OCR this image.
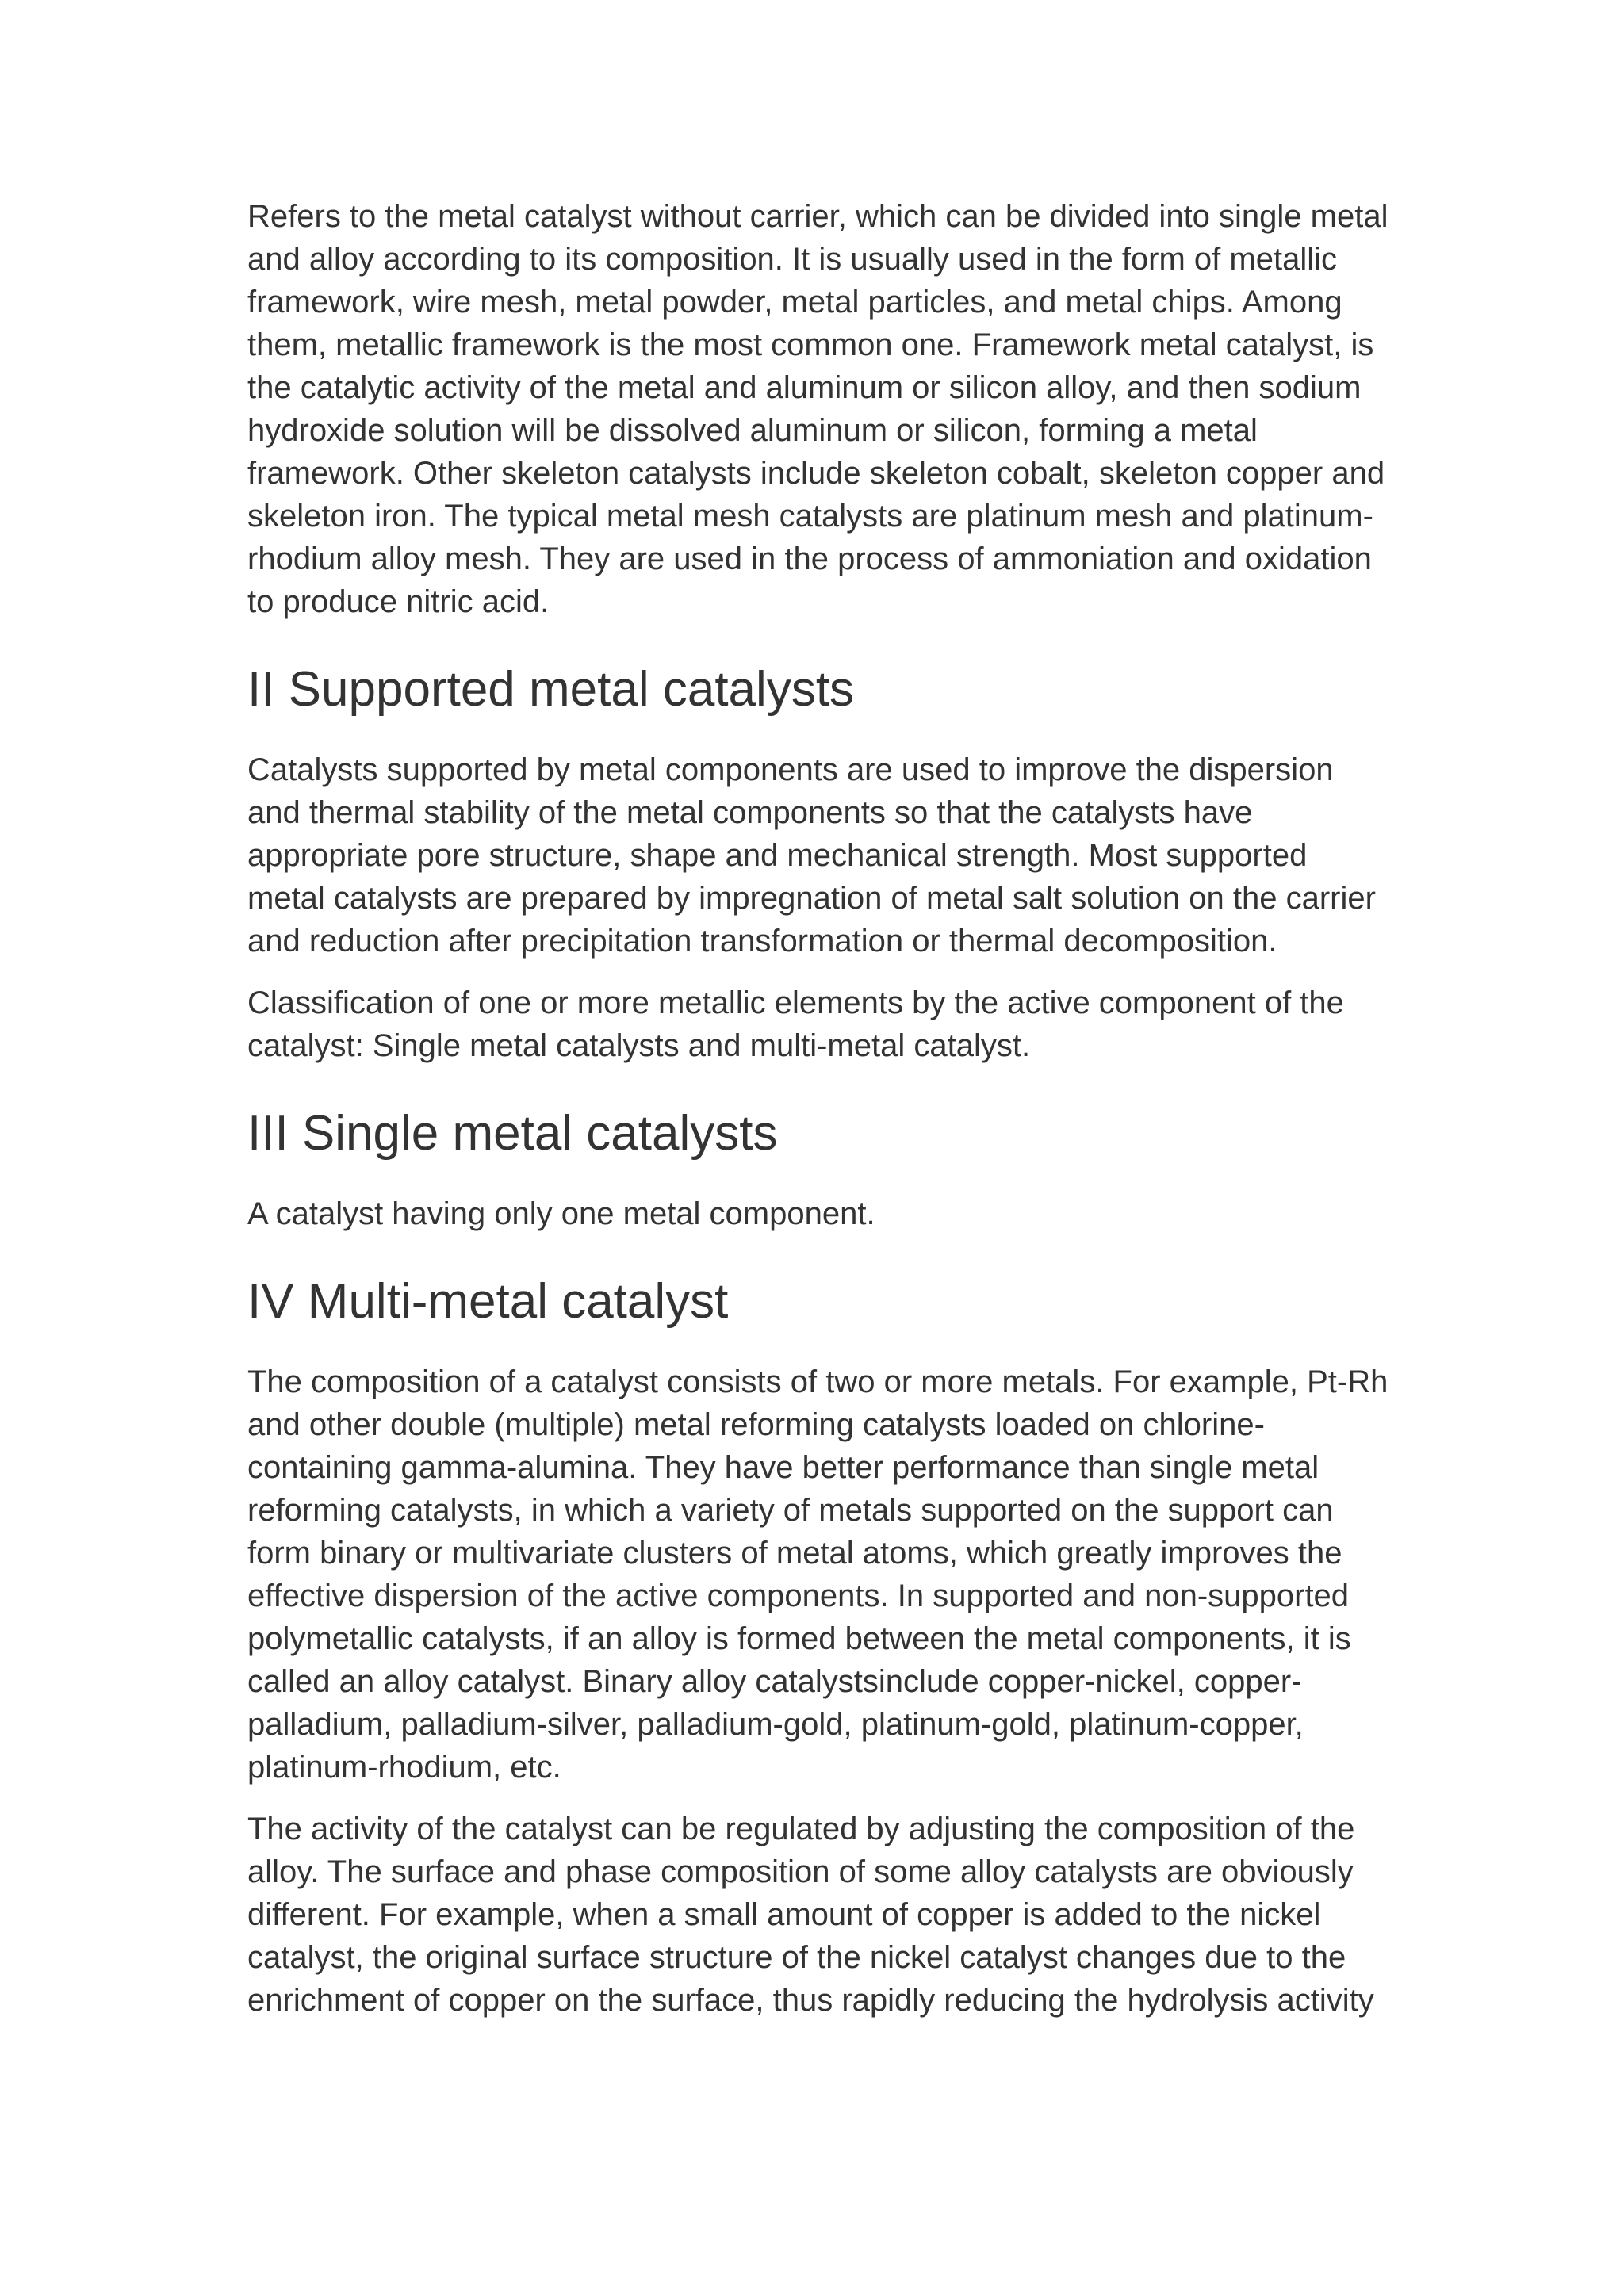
Refers to the metal catalyst without carrier, which can be divided into single metal
and alloy according to its composition. It is usually used in the form of metallic
framework, wire mesh, metal powder, metal particles, and metal chips. Among
them, metallic framework is the most common one. Framework metal catalyst, is
the catalytic activity of the metal and aluminum or silicon alloy, and then sodium
hydroxide solution will be dissolved aluminum or silicon, forming a metal
framework. Other skeleton catalysts include skeleton cobalt, skeleton copper and
skeleton iron. The typical metal mesh catalysts are platinum mesh and platinum-
rhodium alloy mesh. They are used in the process of ammoniation and oxidation
to produce nitric acid.

II Supported metal catalysts

Catalysts supported by metal components are used to improve the dispersion
and thermal stability of the metal components so that the catalysts have
appropriate pore structure, shape and mechanical strength. Most supported
metal catalysts are prepared by impregnation of metal salt solution on the carrier
and reduction after precipitation transformation or thermal decomposition.

Classification of one or more metallic elements by the active component of the
catalyst: Single metal catalysts and multi-metal catalyst.

III Single metal catalysts

A catalyst having only one metal component.

IV Multi-metal catalyst

The composition of a catalyst consists of two or more metals. For example, Pt-Rh
and other double (multiple) metal reforming catalysts loaded on chlorine-
containing gamma-alumina. They have better performance than single metal
reforming catalysts, in which a variety of metals supported on the support can
form binary or multivariate clusters of metal atoms, which greatly improves the
effective dispersion of the active components. In supported and non-supported
polymetallic catalysts, if an alloy is formed between the metal components, it is
called an alloy catalyst. Binary alloy catalystsinclude copper-nickel, copper-
palladium, palladium-silver, palladium-gold, platinum-gold, platinum-copper,
platinum-rhodium, etc.

The activity of the catalyst can be regulated by adjusting the composition of the
alloy. The surface and phase composition of some alloy catalysts are obviously
different. For example, when a small amount of copper is added to the nickel
catalyst, the original surface structure of the nickel catalyst changes due to the
enrichment of copper on the surface, thus rapidly reducing the hydrolysis activity
